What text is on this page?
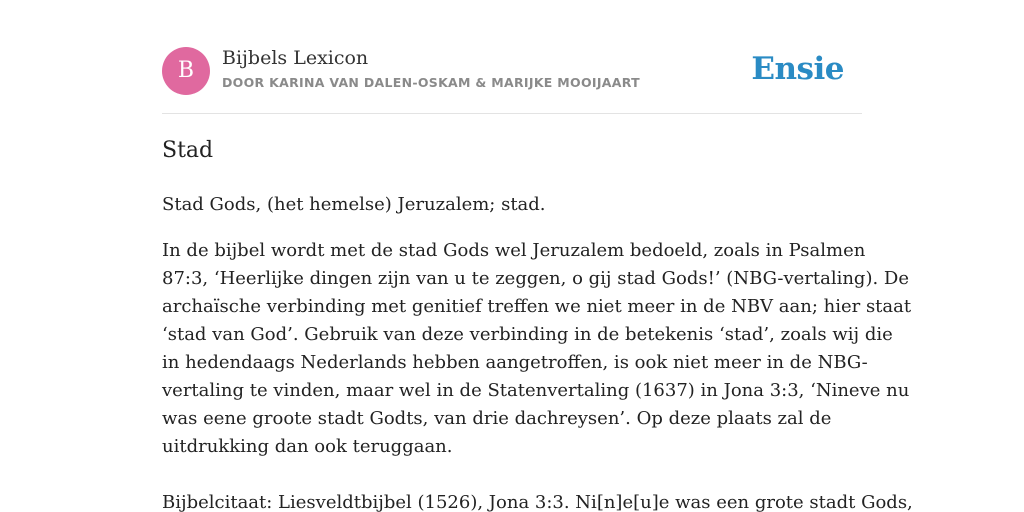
B	Bijbels Lexicon
DOOR KARINA VAN DALEN-OSKAM & MARIJKE MOOIJAART	Ensie
Stad
Stad Gods, (het hemelse) Jeruzalem; stad.
In de bijbel wordt met de stad Gods wel Jeruzalem bedoeld, zoals in Psalmen
87:3, ‘Heerlijke dingen zijn van u te zeggen, o gij stad Gods!’ (NBG-vertaling). De
archaïsche verbinding met genitief treffen we niet meer in de NBV aan; hier staat
‘stad van God’. Gebruik van deze verbinding in de betekenis ‘stad’, zoals wij die
in hedendaags Nederlands hebben aangetroffen, is ook niet meer in de NBG-
vertaling te vinden, maar wel in de Statenvertaling (1637) in Jona 3:3, ‘Nineve nu
was eene groote stadt Godts, van drie dachreysen’. Op deze plaats zal de
uitdrukking dan ook teruggaan.
Bijbelcitaat: Liesveldtbijbel (1526), Jona 3:3. Ni[n]e[u]e was een grote stadt Gods,
